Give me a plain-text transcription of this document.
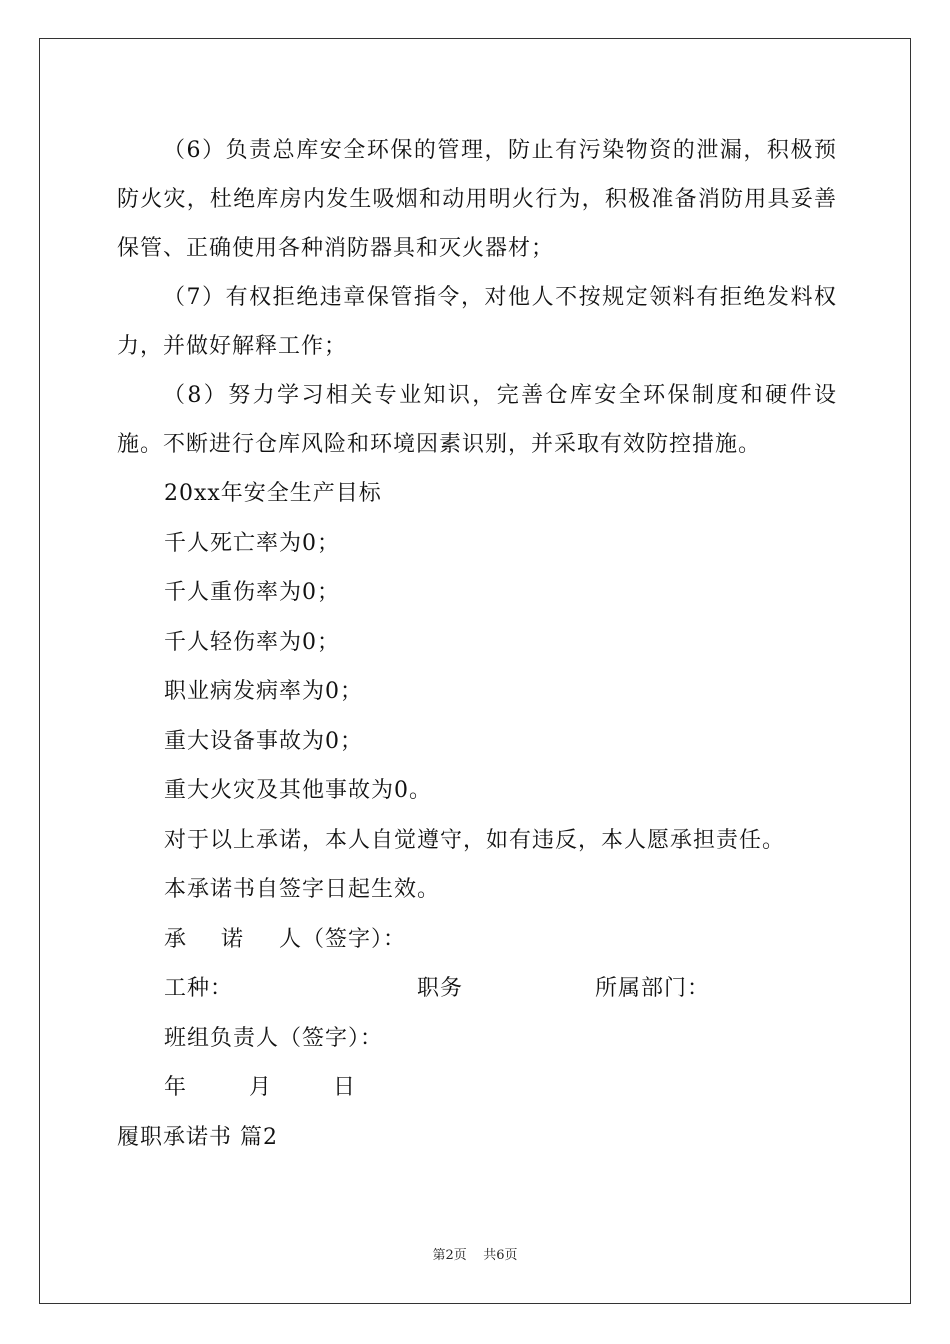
（6）负责总库安全环保的管理，防止有污染物资的泄漏，积极预防火灾，杜绝库房内发生吸烟和动用明火行为，积极准备消防用具妥善保管、正确使用各种消防器具和灭火器材；

（7）有权拒绝违章保管指令，对他人不按规定领料有拒绝发料权力，并做好解释工作；

（8）努力学习相关专业知识，完善仓库安全环保制度和硬件设施。不断进行仓库风险和环境因素识别，并采取有效防控措施。

20xx年安全生产目标

千人死亡率为0；

千人重伤率为0；

千人轻伤率为0；

职业病发病率为0；

重大设备事故为0；

重大火灾及其他事故为0。

对于以上承诺，本人自觉遵守，如有违反，本人愿承担责任。

本承诺书自签字日起生效。

承 诺 人（签字）：
工种：	职务	所属部门：
班组负责人（签字）：
年	月	日

履职承诺书 篇2

第2页 共6页
